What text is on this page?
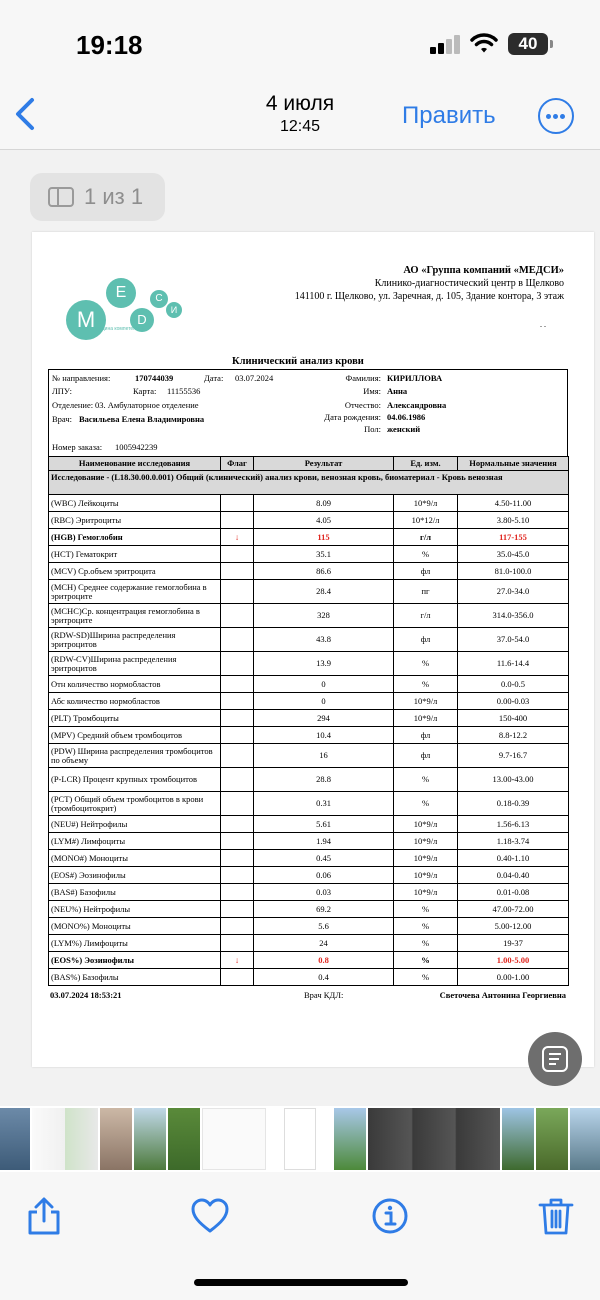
19:18	40
4 июля
12:45	Править
1 из 1
М
Е
D
С
И
медицина компетенций
АО «Группа компаний «МЕДСИ»
Клинико-диагностический центр в Щелково
141100 г. Щелково, ул. Заречная, д. 105, Здание контора, 3 этаж
. .
Клинический анализ крови
№ направления:	170744039	Дата: 03.07.2024
ЛПУ:	Карта: 11155536
Отделение: 03. Амбулаторное отделение
Врач: Васильева Елена Владимировна
Номер заказа: 1005942239
Фамилия: КИРИЛЛОВА
Имя: Анна
Отчество: Александровна
Дата рождения: 04.06.1986
Пол: женский
Наименование исследования	Флаг	Результат	Ед. изм.	Нормальные значения
Исследование - (L18.30.00.0.001) Общий (клинический) анализ крови, венозная кровь, биоматериал - Кровь венозная				
(WBC) Лейкоциты		8.09	10*9/л	4.50-11.00
(RBC) Эритроциты		4.05	10*12/л	3.80-5.10
(HGB) Гемоглобин	↓	115	г/л	117-155
(HCT) Гематокрит		35.1	%	35.0-45.0
(MCV) Ср.объем эритроцита		86.6	фл	81.0-100.0
(MCH) Среднее содержание гемоглобина в эритроците		28.4	пг	27.0-34.0
(MCHC)Ср. концентрация гемоглобина в эритроците		328	г/л	314.0-356.0
(RDW-SD)Ширина распределения эритроцитов		43.8	фл	37.0-54.0
(RDW-CV)Ширина распределения эритроцитов		13.9	%	11.6-14.4
Отн количество нормобластов		0	%	0.0-0.5
Абс количество нормобластов		0	10*9/л	0.00-0.03
(PLT) Тромбоциты		294	10*9/л	150-400
(MPV) Средний объем тромбоцитов		10.4	фл	8.8-12.2
(PDW) Ширина распределения тромбоцитов по объему		16	фл	9.7-16.7
(P-LCR) Процент крупных тромбоцитов		28.8	%	13.00-43.00
(PCT) Общий объем тромбоцитов в крови (тромбоцитокрит)		0.31	%	0.18-0.39
(NEU#) Нейтрофилы		5.61	10*9/л	1.56-6.13
(LYM#) Лимфоциты		1.94	10*9/л	1.18-3.74
(MONO#) Моноциты		0.45	10*9/л	0.40-1.10
(EOS#) Эозинофилы		0.06	10*9/л	0.04-0.40
(BAS#) Базофилы		0.03	10*9/л	0.01-0.08
(NEU%) Нейтрофилы		69.2	%	47.00-72.00
(MONO%) Моноциты		5.6	%	5.00-12.00
(LYM%) Лимфоциты		24	%	19-37
(EOS%) Эозинофилы	↓	0.8	%	1.00-5.00
(BAS%) Базофилы		0.4	%	0.00-1.00
03.07.2024 18:53:21	Врач КДЛ:	Светочева Антонина Георгиевна
